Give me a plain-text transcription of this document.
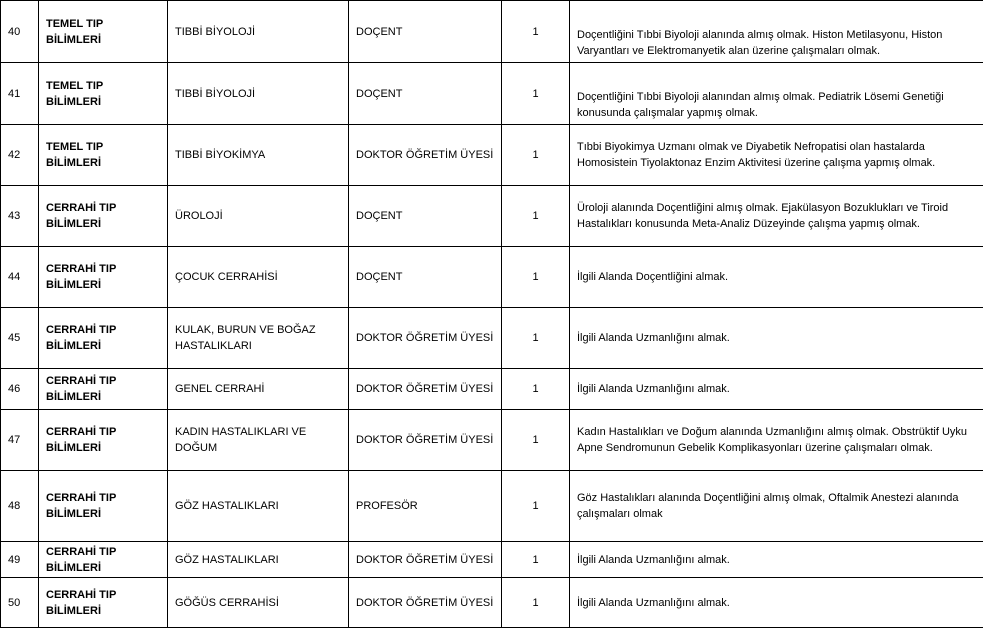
40	TEMEL TIP BİLİMLERİ	TIBBİ BİYOLOJİ	DOÇENT	1	Doçentliğini Tıbbi Biyoloji alanında almış olmak. Histon Metilasyonu, Histon Varyantları ve Elektromanyetik alan üzerine çalışmaları olmak.
41	TEMEL TIP BİLİMLERİ	TIBBİ BİYOLOJİ	DOÇENT	1	Doçentliğini Tıbbi Biyoloji alanından almış olmak. Pediatrik Lösemi Genetiği konusunda çalışmalar yapmış olmak.
42	TEMEL TIP BİLİMLERİ	TIBBİ BİYOKİMYA	DOKTOR ÖĞRETİM ÜYESİ	1	Tıbbi Biyokimya Uzmanı olmak ve Diyabetik Nefropatisi olan hastalarda Homosistein Tiyolaktonaz Enzim Aktivitesi üzerine çalışma yapmış olmak.
43	CERRAHİ TIP BİLİMLERİ	ÜROLOJİ	DOÇENT	1	Üroloji alanında Doçentliğini almış olmak. Ejakülasyon Bozuklukları ve Tiroid Hastalıkları konusunda Meta-Analiz Düzeyinde çalışma yapmış olmak.
44	CERRAHİ TIP BİLİMLERİ	ÇOCUK CERRAHİSİ	DOÇENT	1	İlgili Alanda Doçentliğini almak.
45	CERRAHİ TIP BİLİMLERİ	KULAK, BURUN VE BOĞAZ HASTALIKLARI	DOKTOR ÖĞRETİM ÜYESİ	1	İlgili Alanda Uzmanlığını almak.
46	CERRAHİ TIP BİLİMLERİ	GENEL CERRAHİ	DOKTOR ÖĞRETİM ÜYESİ	1	İlgili Alanda Uzmanlığını almak.
47	CERRAHİ TIP BİLİMLERİ	KADIN HASTALIKLARI VE DOĞUM	DOKTOR ÖĞRETİM ÜYESİ	1	Kadın Hastalıkları ve Doğum alanında Uzmanlığını almış olmak. Obstrüktif Uyku Apne Sendromunun Gebelik Komplikasyonları üzerine çalışmaları olmak.
48	CERRAHİ TIP BİLİMLERİ	GÖZ HASTALIKLARI	PROFESÖR	1	Göz Hastalıkları alanında Doçentliğini almış olmak, Oftalmik Anestezi alanında çalışmaları olmak
49	CERRAHİ TIP BİLİMLERİ	GÖZ HASTALIKLARI	DOKTOR ÖĞRETİM ÜYESİ	1	İlgili Alanda Uzmanlığını almak.
50	CERRAHİ TIP BİLİMLERİ	GÖĞÜS CERRAHİSİ	DOKTOR ÖĞRETİM ÜYESİ	1	İlgili Alanda Uzmanlığını almak.
